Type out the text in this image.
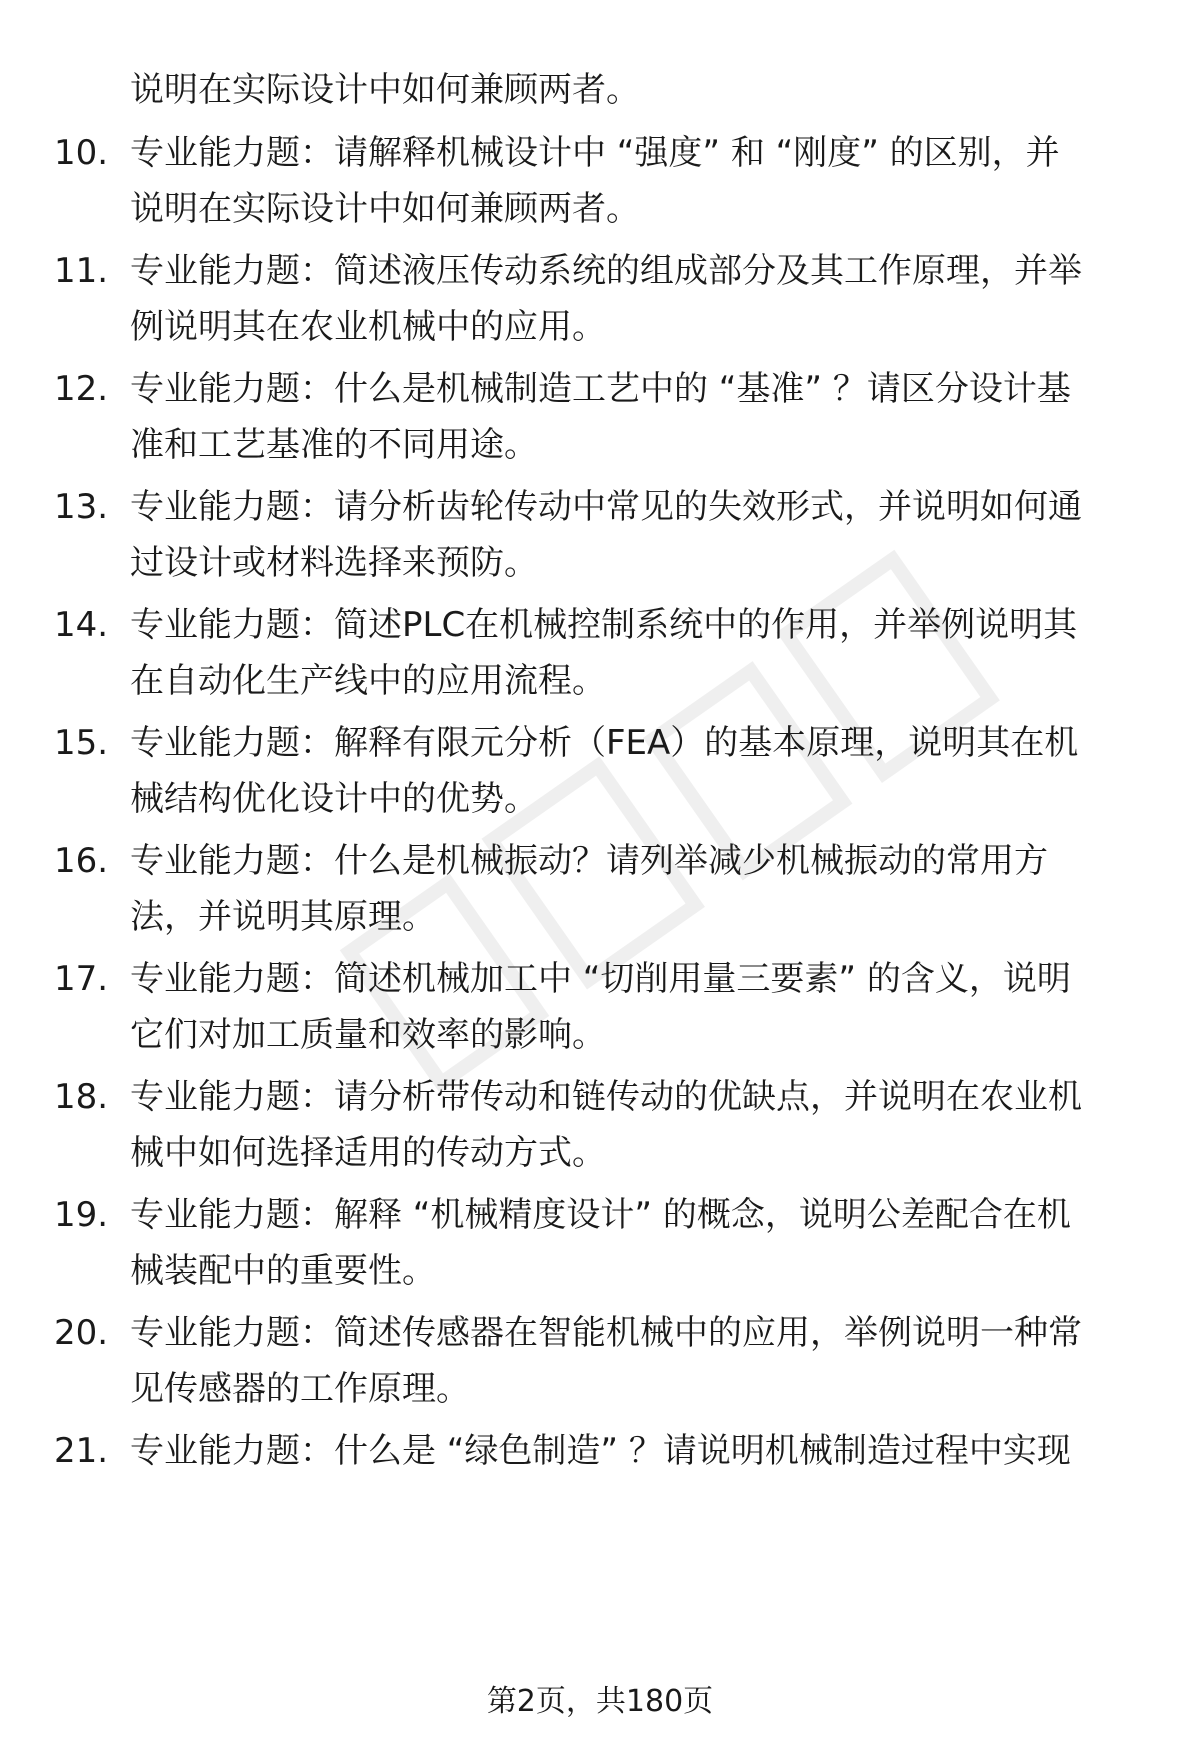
说明在实际设计中如何兼顾两者。
10. 专业能力题：请解释机械设计中 “强度” 和 “刚度” 的区别，并
说明在实际设计中如何兼顾两者。
11. 专业能力题：简述液压传动系统的组成部分及其工作原理，并举
例说明其在农业机械中的应用。
12. 专业能力题：什么是机械制造工艺中的 “基准” ？请区分设计基
准和工艺基准的不同用途。
13. 专业能力题：请分析齿轮传动中常见的失效形式，并说明如何通
过设计或材料选择来预防。
14. 专业能力题：简述PLC在机械控制系统中的作用，并举例说明其
在自动化生产线中的应用流程。
15. 专业能力题：解释有限元分析（FEA）的基本原理，说明其在机
械结构优化设计中的优势。
16. 专业能力题：什么是机械振动？请列举减少机械振动的常用方
法，并说明其原理。
17. 专业能力题：简述机械加工中 “切削用量三要素” 的含义，说明
它们对加工质量和效率的影响。
18. 专业能力题：请分析带传动和链传动的优缺点，并说明在农业机
械中如何选择适用的传动方式。
19. 专业能力题：解释 “机械精度设计” 的概念，说明公差配合在机
械装配中的重要性。
20. 专业能力题：简述传感器在智能机械中的应用，举例说明一种常
见传感器的工作原理。
21. 专业能力题：什么是 “绿色制造” ？请说明机械制造过程中实现
第2页，共180页
